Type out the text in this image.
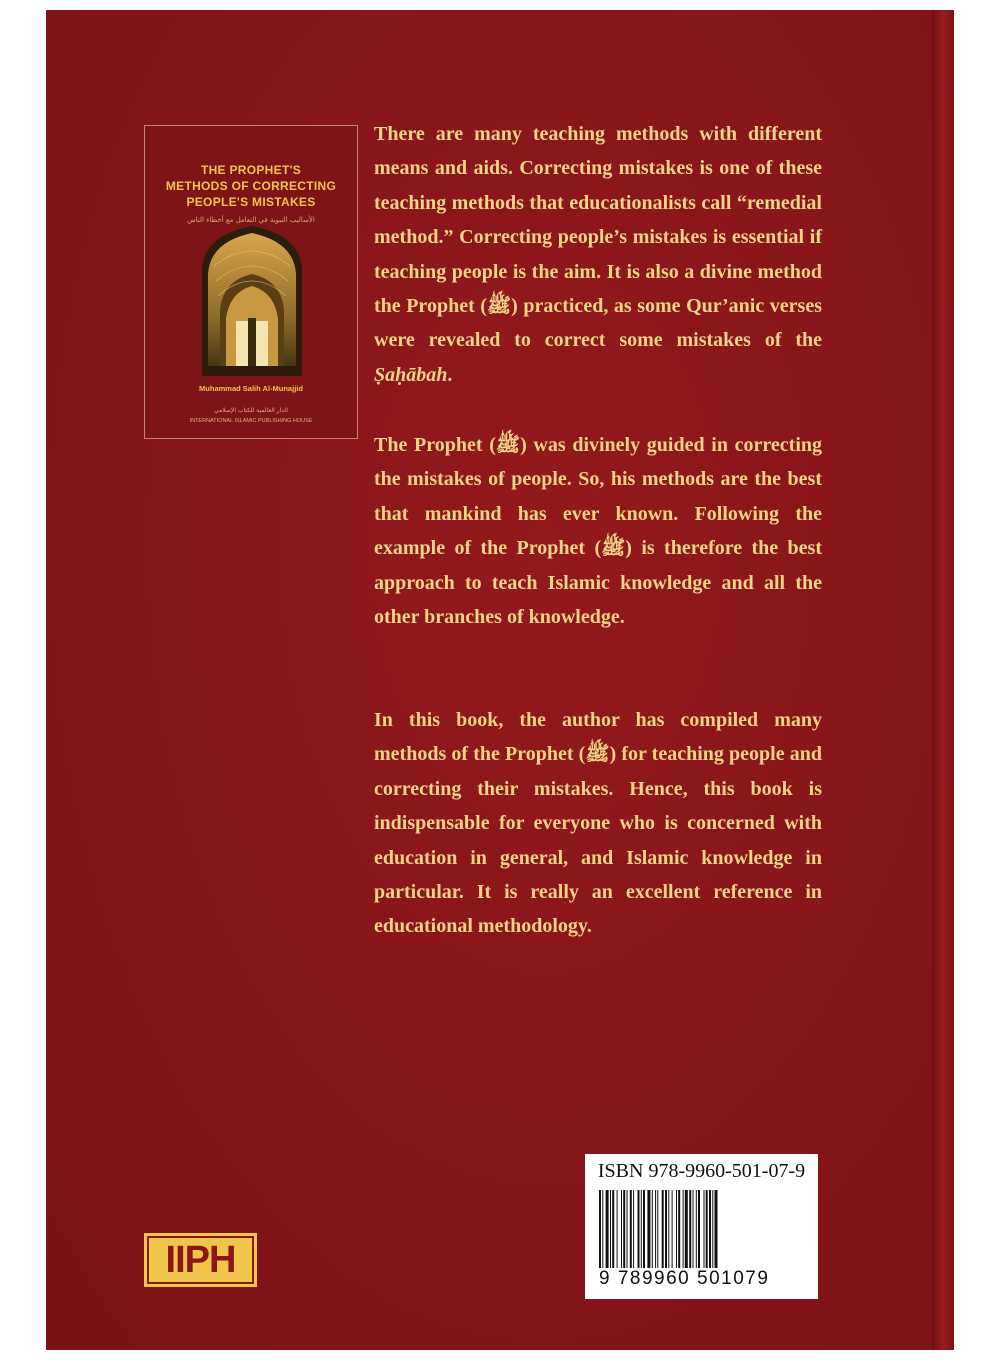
THE PROPHET'S
METHODS OF CORRECTING
PEOPLE'S MISTAKES
الأساليب النبوية في التعامل مع أخطاء الناس
Muhammad Salih Al-Munajjid
الدار العالمية للكتاب الإسلامي
INTERNATIONAL ISLAMIC PUBLISHING HOUSE

There are many teaching methods with different means and aids. Correcting mistakes is one of these teaching methods that educationalists call “remedial method.” Correcting people’s mistakes is essential if teaching people is the aim. It is also a divine method the Prophet (ﷺ) practiced, as some Qur’anic verses were revealed to correct some mistakes of the Ṣaḥābah.

The Prophet (ﷺ) was divinely guided in correcting the mistakes of people. So, his methods are the best that mankind has ever known. Following the example of the Prophet (ﷺ) is therefore the best approach to teach Islamic knowledge and all the other branches of knowledge.

In this book, the author has compiled many methods of the Prophet (ﷺ) for teaching people and correcting their mistakes. Hence, this book is indispensable for everyone who is concerned with education in general, and Islamic knowledge in particular. It is really an excellent reference in educational methodology.

IIPH
ISBN 978-9960-501-07-9
9 789960 501079
